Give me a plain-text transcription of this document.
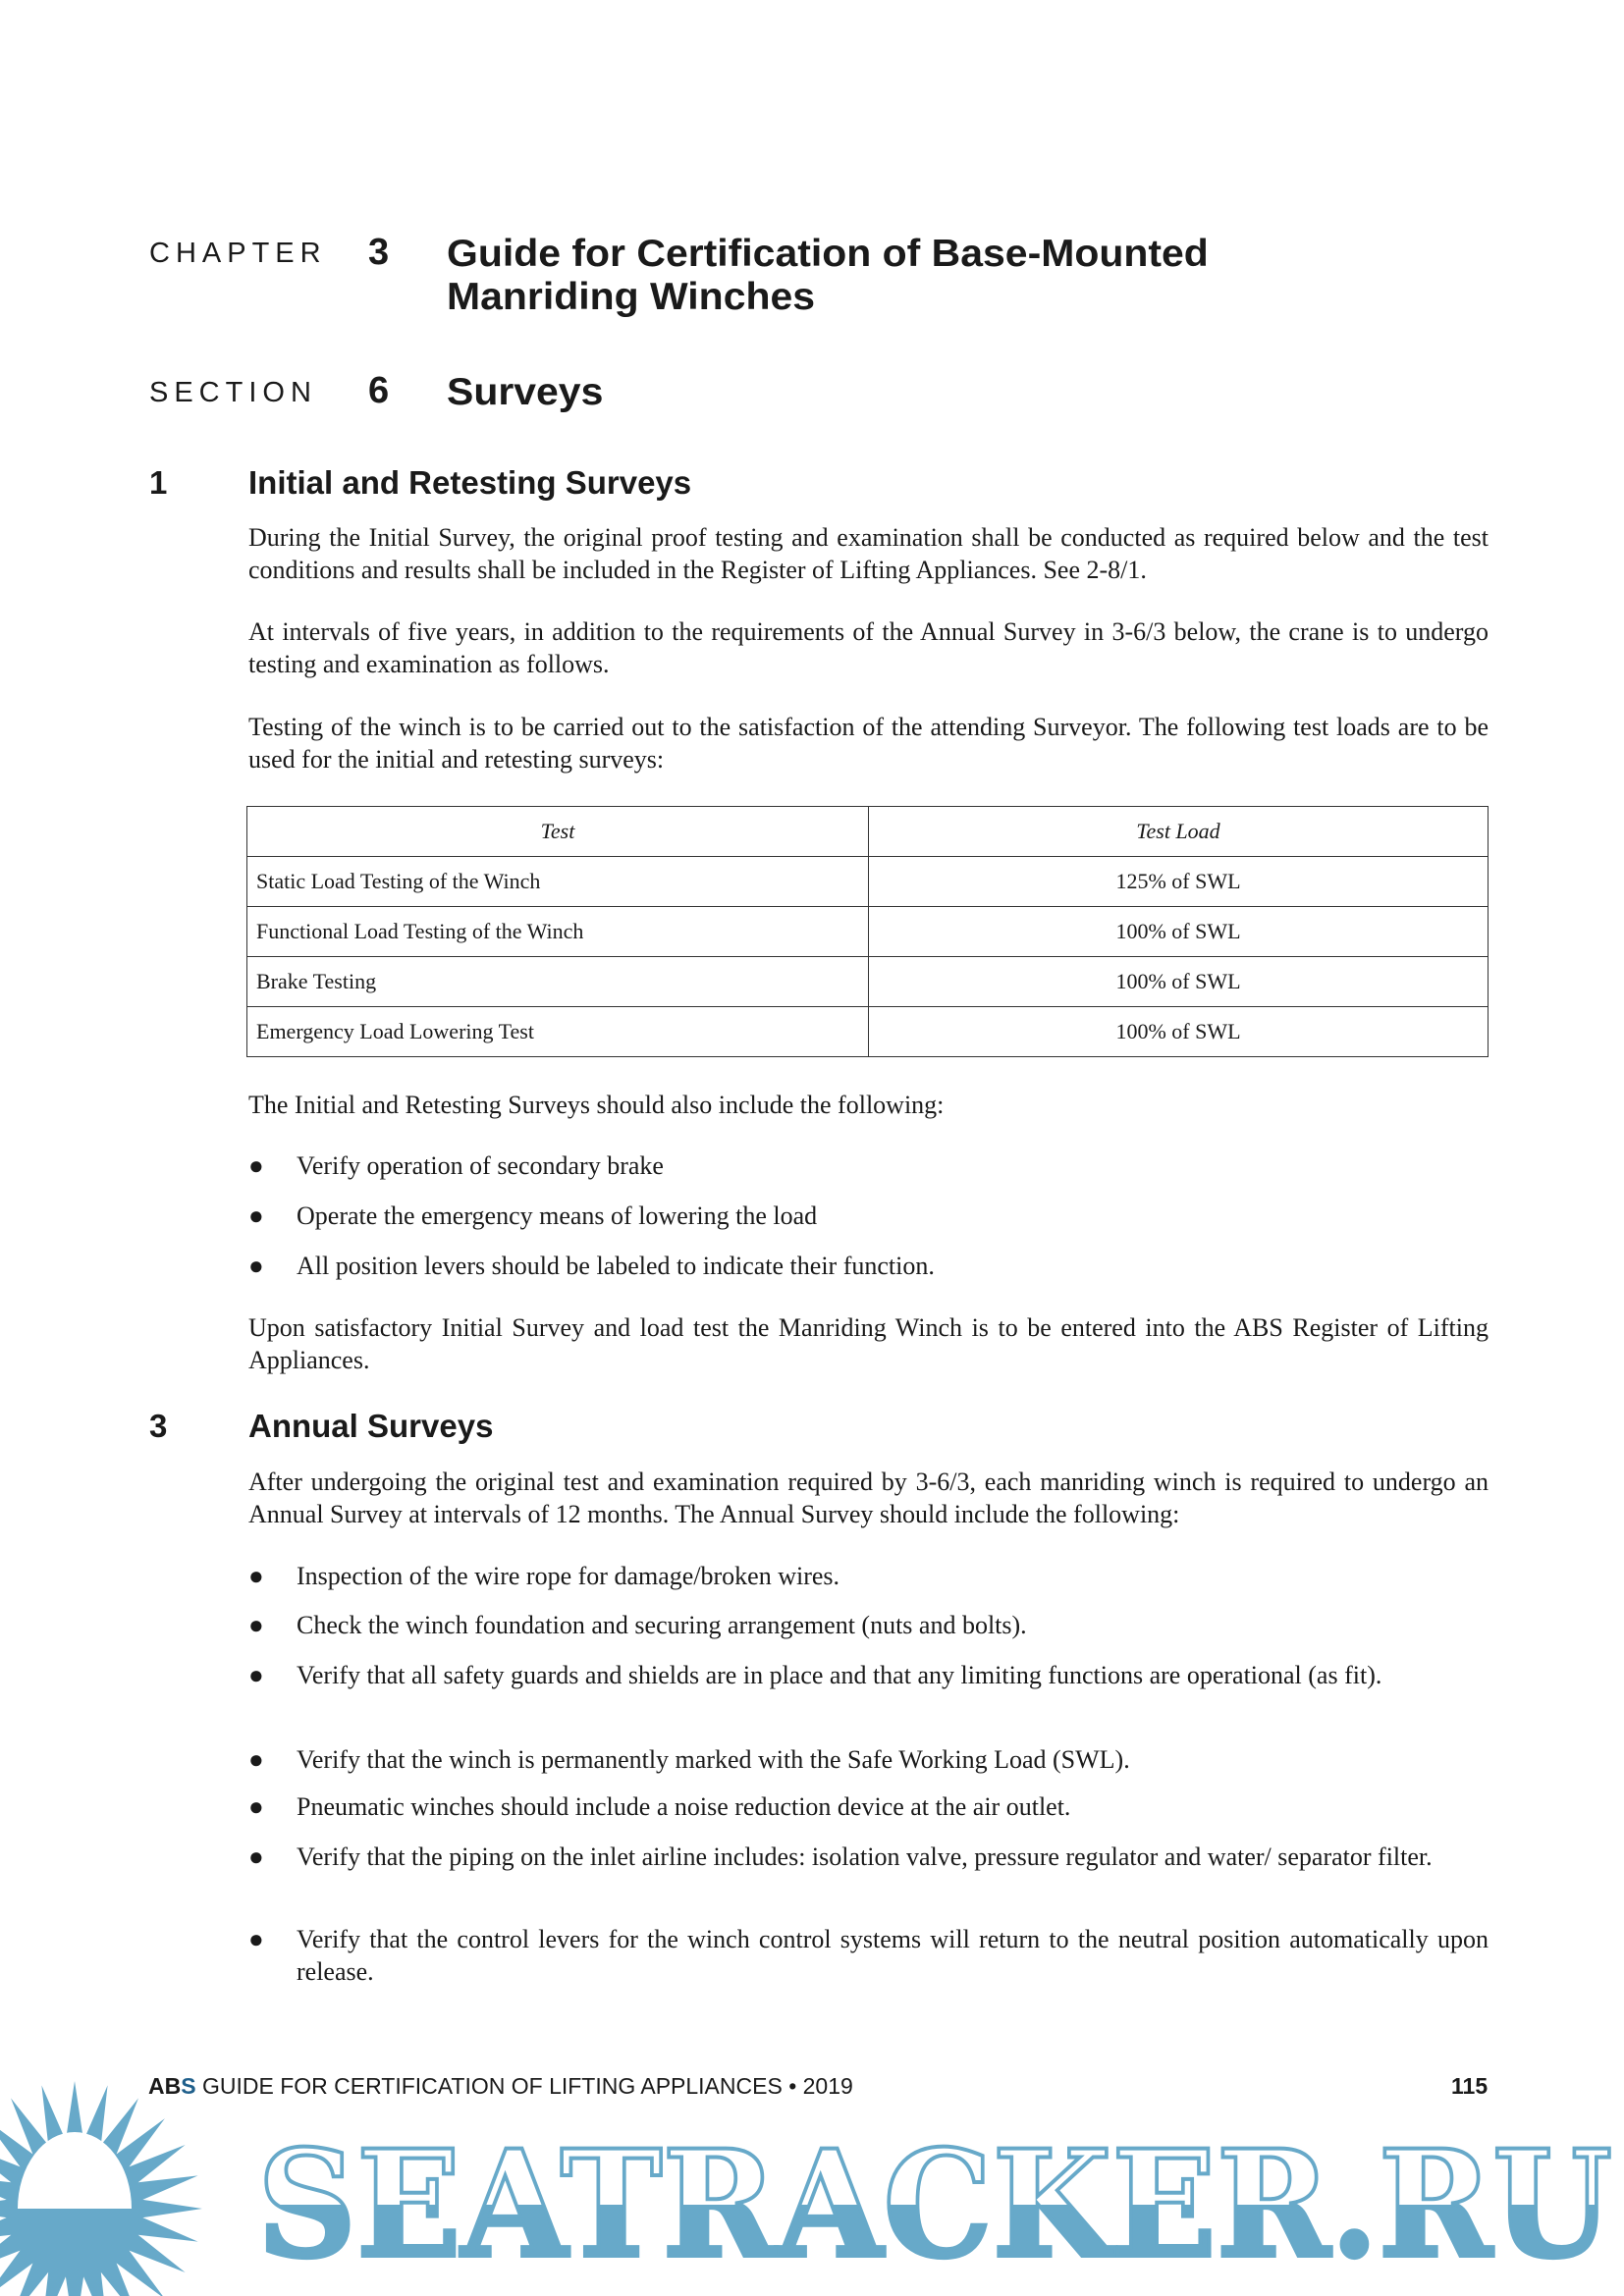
CHAPTER 3 Guide for Certification of Base-Mounted
Manriding Winches
SECTION 6 Surveys
1	Initial and Retesting Surveys
During the Initial Survey, the original proof testing and examination shall be conducted as required below and the test conditions and results shall be included in the Register of Lifting Appliances. See 2-8/1.
At intervals of five years, in addition to the requirements of the Annual Survey in 3-6/3 below, the crane is to undergo testing and examination as follows.
Testing of the winch is to be carried out to the satisfaction of the attending Surveyor. The following test loads are to be used for the initial and retesting surveys:
Test	Test Load
Static Load Testing of the Winch	125% of SWL
Functional Load Testing of the Winch	100% of SWL
Brake Testing	100% of SWL
Emergency Load Lowering Test	100% of SWL
The Initial and Retesting Surveys should also include the following:
●	Verify operation of secondary brake
●	Operate the emergency means of lowering the load
●	All position levers should be labeled to indicate their function.
Upon satisfactory Initial Survey and load test the Manriding Winch is to be entered into the ABS Register of Lifting Appliances.
3	Annual Surveys
After undergoing the original test and examination required by 3-6/3, each manriding winch is required to undergo an Annual Survey at intervals of 12 months. The Annual Survey should include the following:
●	Inspection of the wire rope for damage/broken wires.
●	Check the winch foundation and securing arrangement (nuts and bolts).
●	Verify that all safety guards and shields are in place and that any limiting functions are operational (as fit).
●	Verify that the winch is permanently marked with the Safe Working Load (SWL).
●	Pneumatic winches should include a noise reduction device at the air outlet.
●	Verify that the piping on the inlet airline includes: isolation valve, pressure regulator and water/ separator filter.
●	Verify that the control levers for the winch control systems will return to the neutral position automatically upon release.
SEATRACKER.RU
ABS GUIDE FOR CERTIFICATION OF LIFTING APPLIANCES • 2019	115
